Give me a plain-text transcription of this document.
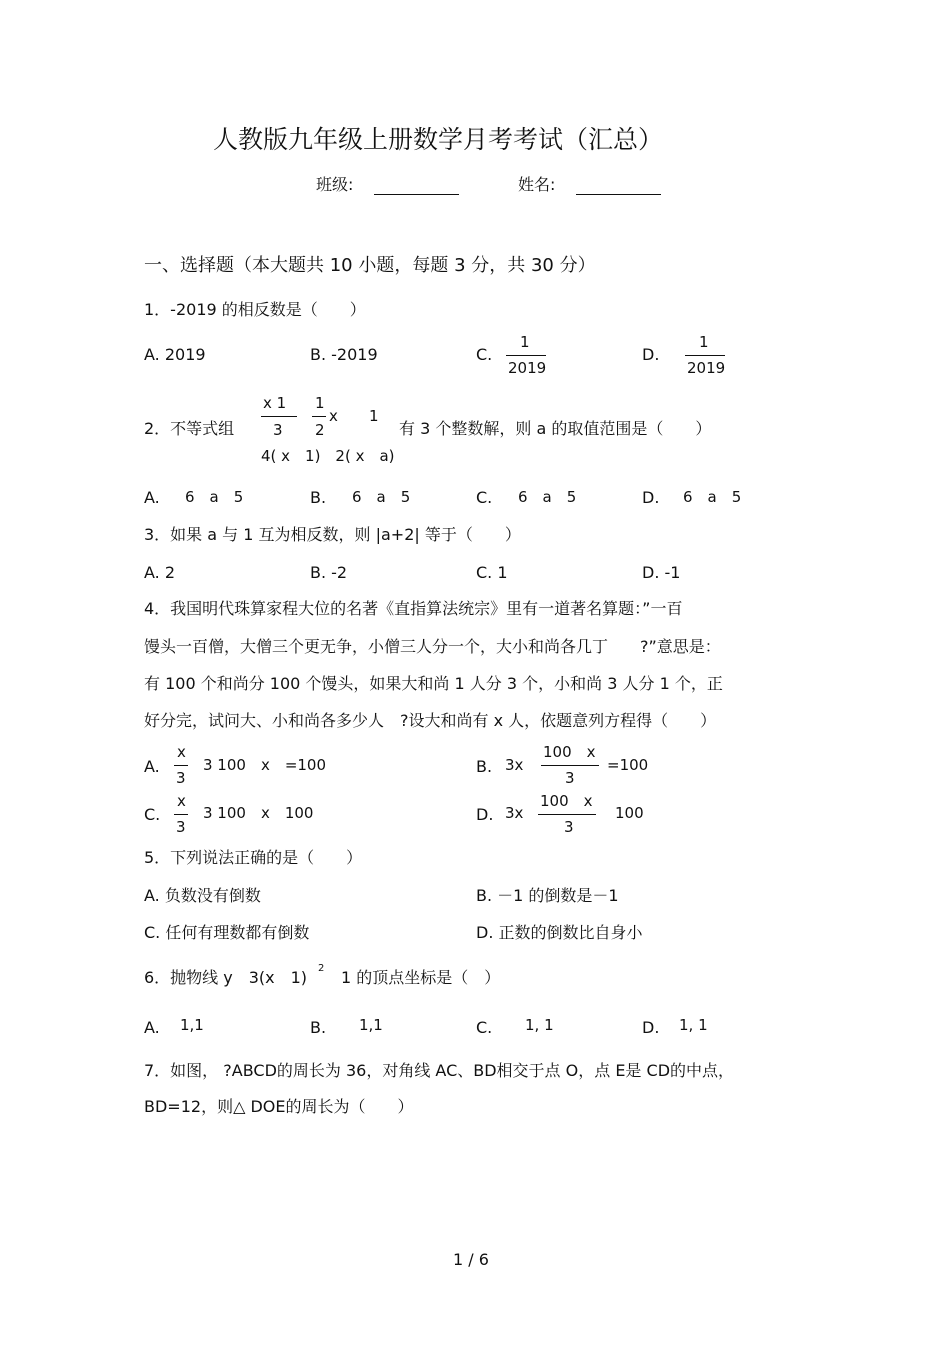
人教版九年级上册数学月考考试（汇总）
班级:	姓名:
一、选择题（本大题共 10 小题，每题 3 分，共 30 分）
1．-2019 的相反数是（　　）
A. 2019	B. -2019	C.
1
2019
D.
1
2019
2．不等式组
x 1
3
1
2
x 1
4( x　1)　2( x　a)
有 3 个整数解，则 a 的取值范围是（　　）
A. 6　a　5	B. 6　a　5	C. 6　a　5	D. 6　a　5
3．如果 a 与 1 互为相反数，则 |a+2| 等于（　　）
A. 2	B. -2	C. 1	D. -1
4．我国明代珠算家程大位的名著《直指算法统宗》里有一道著名算题：”一百
馒头一百僧，大僧三个更无争，小僧三人分一个，大小和尚各几丁　　?”意思是：
有 100 个和尚分 100 个馒头，如果大和尚 1 人分 3 个，小和尚 3 人分 1 个，正
好分完，试问大、小和尚各多少人　?设大和尚有 x 人，依题意列方程得（　　）
A.
x
3
3 100　x　=100	B. 3x
100　x
3
=100
C.
x
3
3 100　x　100	D. 3x
100　x
3
100
5．下列说法正确的是（　　）
A. 负数没有倒数	B. －1 的倒数是－1
C. 任何有理数都有倒数	D. 正数的倒数比自身小
6．抛物线 y　3(x　1) 2 1 的顶点坐标是（　）
A. 1,1	B. 1,1	C. 1, 1	D. 1, 1
7．如图， ?ABCD的周长为 36，对角线 AC、BD相交于点 O，点 E是 CD的中点，
BD=12，则△ DOE的周长为（　　）
1 / 6
